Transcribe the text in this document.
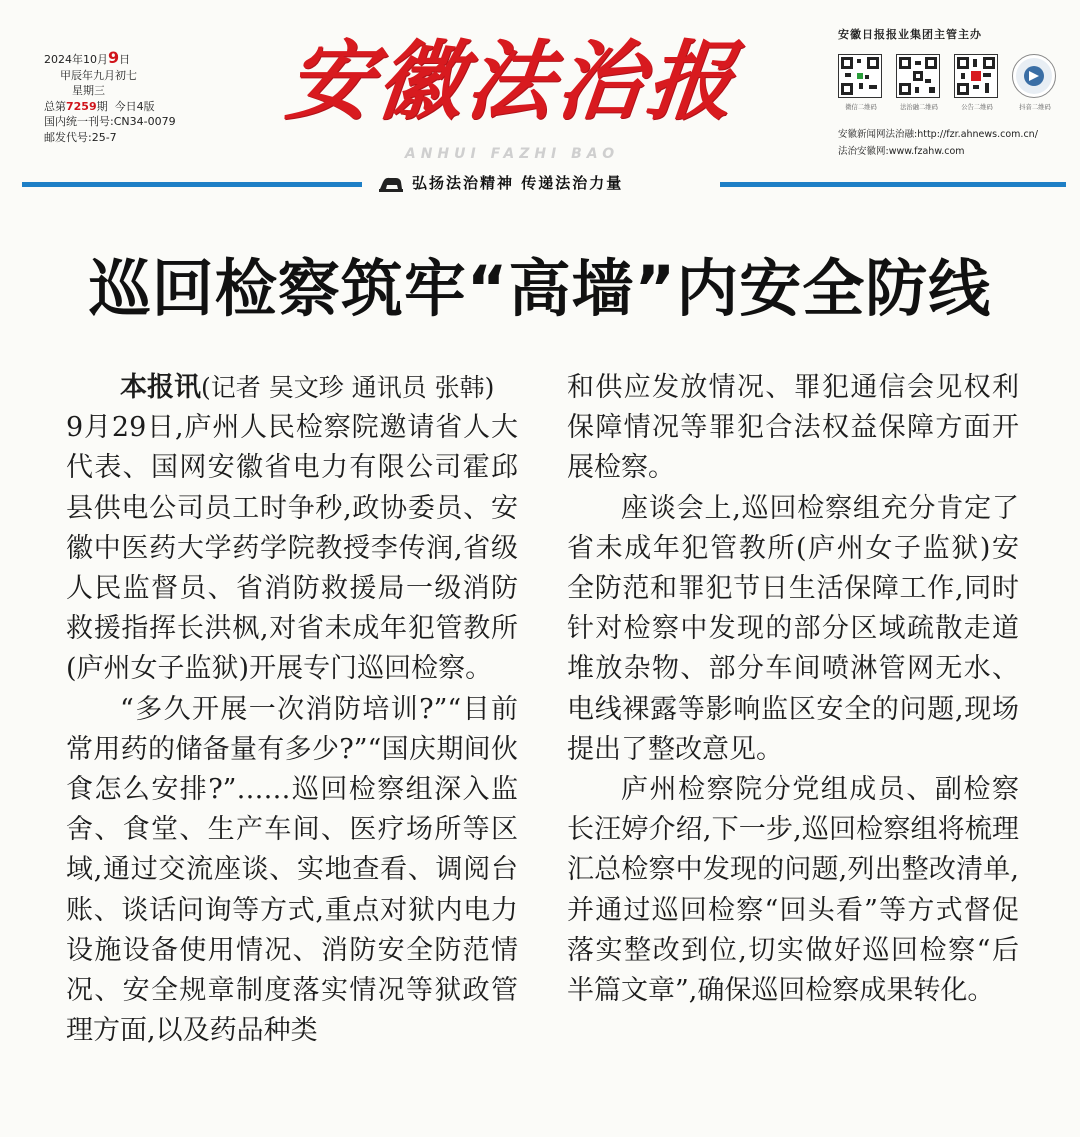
2024年10月9日
甲辰年九月初七
星期三
总第7259期 今日4版
国内统一刊号:CN34-0079
邮发代号:25-7
安徽法治报
ANHUI FAZHI BAO
安徽日报报业集团主管主办
微信二维码	法治融二维码	公告二维码	抖音二维码
安徽新闻网法治融:http://fzr.ahnews.com.cn/
法治安徽网:www.fzahw.com
弘扬法治精神 传递法治力量
巡回检察筑牢“高墙”内安全防线

本报讯(记者 吴文珍 通讯员 张韩)

9月29日,庐州人民检察院邀请省人大代表、国网安徽省电力有限公司霍邱县供电公司员工时争秒,政协委员、安徽中医药大学药学院教授李传润,省级人民监督员、省消防救援局一级消防救援指挥长洪枫,对省未成年犯管教所(庐州女子监狱)开展专门巡回检察。

“多久开展一次消防培训?”“目前常用药的储备量有多少?”“国庆期间伙食怎么安排?”……巡回检察组深入监舍、食堂、生产车间、医疗场所等区域,通过交流座谈、实地查看、调阅台账、谈话问询等方式,重点对狱内电力设施设备使用情况、消防安全防范情况、安全规章制度落实情况等狱政管理方面,以及药品种类

和供应发放情况、罪犯通信会见权利保障情况等罪犯合法权益保障方面开展检察。

座谈会上,巡回检察组充分肯定了省未成年犯管教所(庐州女子监狱)安全防范和罪犯节日生活保障工作,同时针对检察中发现的部分区域疏散走道堆放杂物、部分车间喷淋管网无水、电线裸露等影响监区安全的问题,现场提出了整改意见。

庐州检察院分党组成员、副检察长汪婷介绍,下一步,巡回检察组将梳理汇总检察中发现的问题,列出整改清单,并通过巡回检察“回头看”等方式督促落实整改到位,切实做好巡回检察“后半篇文章”,确保巡回检察成果转化。
